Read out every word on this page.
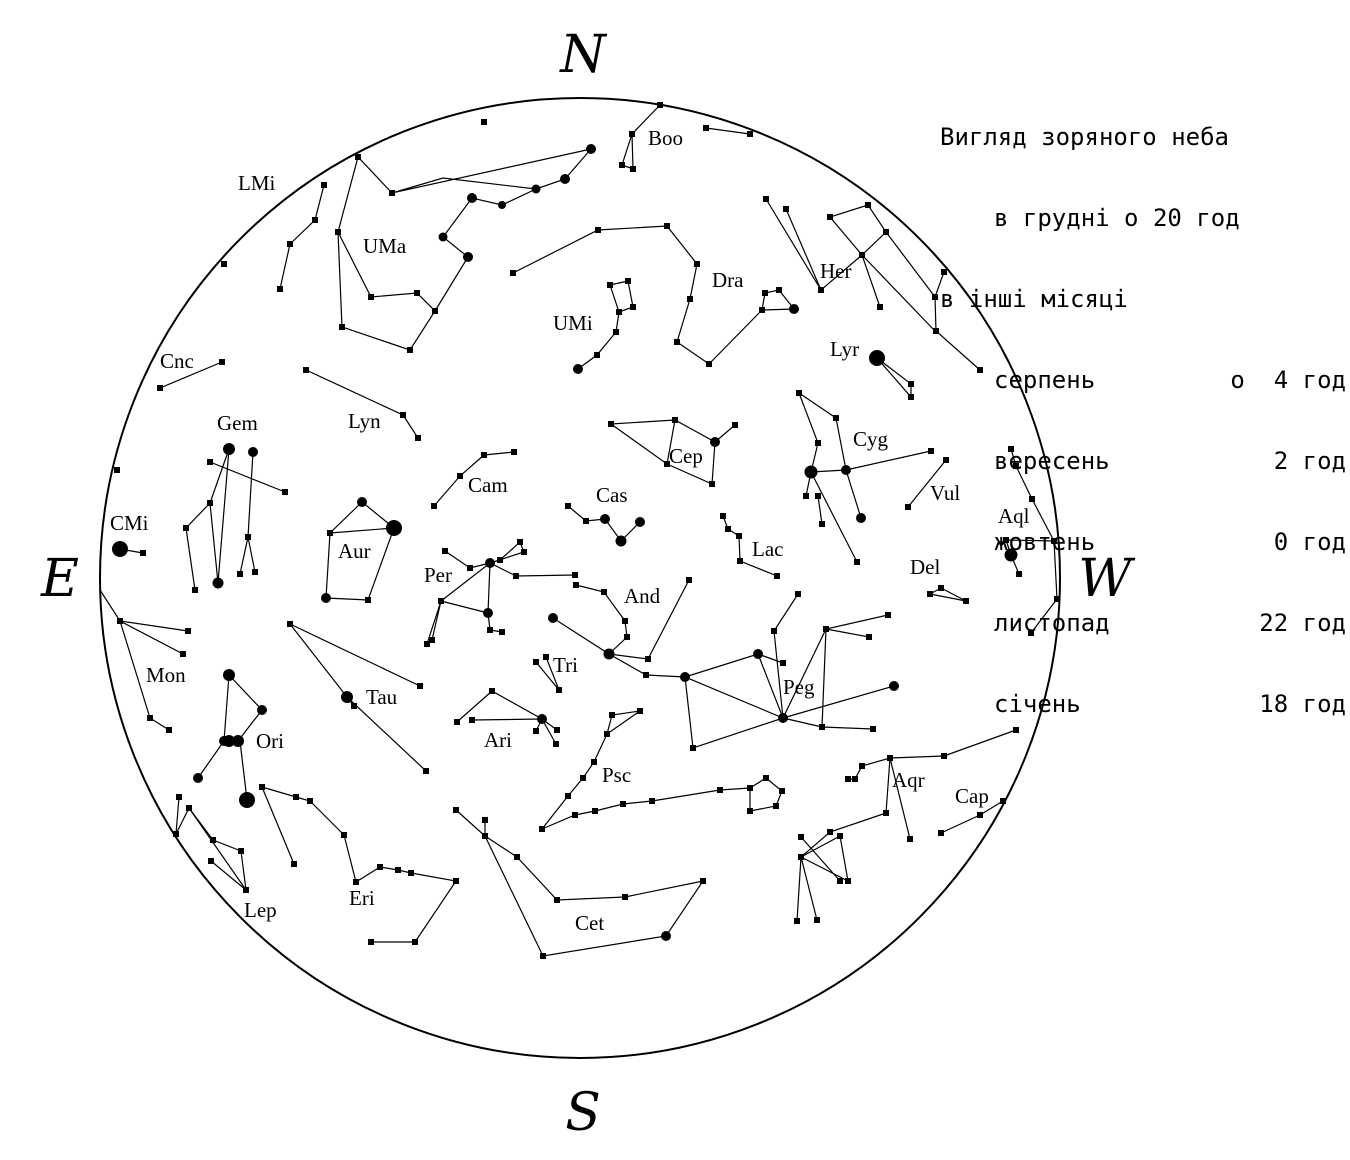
N
S
E	W
Boo
LMi
UMa
Dra	Her
UMi
Lyr
Cnc
Lyn
Gem
Cep
Cyg
Cam	Cas	Vul
CMi
Aur
Aql
Lac
Per	Del
And
Mon	Tri
Peg
Tau
Ori	Ari
Psc	Aqr
Cap
Lep	Eri
Cet

Вигляд зоряного неба

в грудні о 20 год

в інші місяці

серпень	о  4 год

вересень	2 год

жовтень	0 год

листопад	22 год

січень	18 год
